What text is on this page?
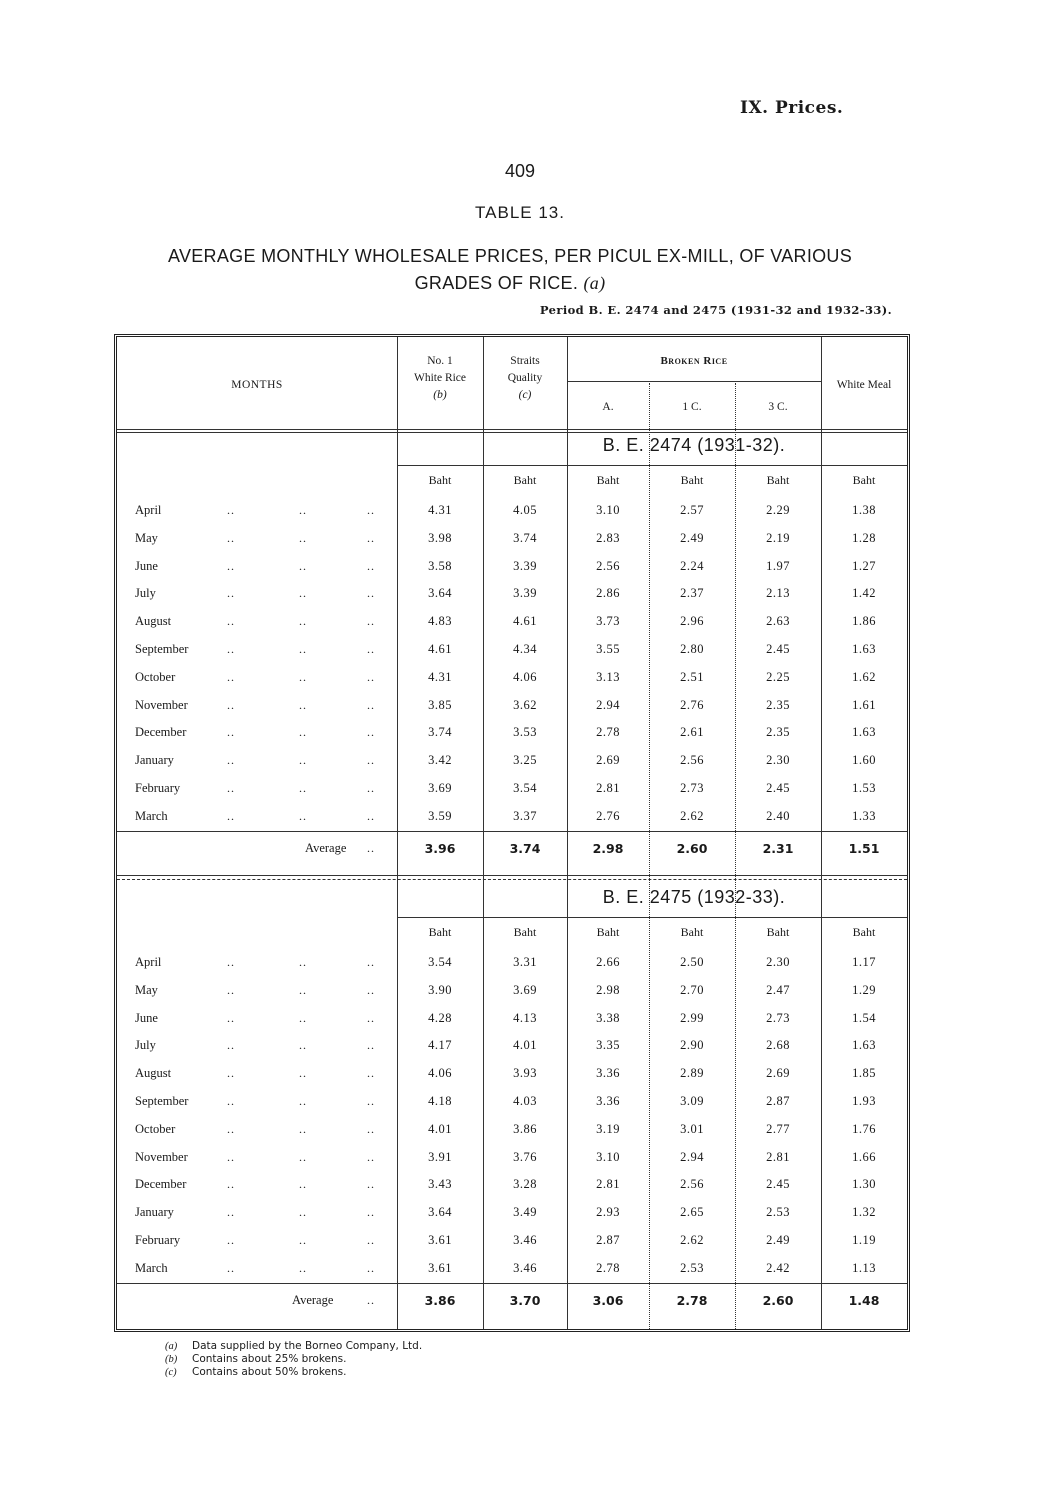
IX. Prices.
409
TABLE 13.
AVERAGE MONTHLY WHOLESALE PRICES, PER PICUL EX-MILL, OF VARIOUS
GRADES OF RICE. (a)
Period B. E. 2474 and 2475 (1931-32 and 1932-33).
MONTHS
No. 1
White Rice
(b)
Straits
Quality
(c)
Broken Rice
A.	1 C.	3 C.
White Meal
B. E. 2474 (1931-32).
Baht	Baht	Baht	Baht	Baht	Baht
April	..	..	..	4.31	4.05	3.10	2.57	2.29	1.38
May	..	..	..	3.98	3.74	2.83	2.49	2.19	1.28
June	..	..	..	3.58	3.39	2.56	2.24	1.97	1.27
July	..	..	..	3.64	3.39	2.86	2.37	2.13	1.42
August	..	..	..	4.83	4.61	3.73	2.96	2.63	1.86
September	..	..	..	4.61	4.34	3.55	2.80	2.45	1.63
October	..	..	..	4.31	4.06	3.13	2.51	2.25	1.62
November	..	..	..	3.85	3.62	2.94	2.76	2.35	1.61
December	..	..	..	3.74	3.53	2.78	2.61	2.35	1.63
January	..	..	..	3.42	3.25	2.69	2.56	2.30	1.60
February	..	..	..	3.69	3.54	2.81	2.73	2.45	1.53
March	..	..	..	3.59	3.37	2.76	2.62	2.40	1.33
Average ..	3.96	3.74	2.98	2.60	2.31	1.51
B. E. 2475 (1932-33).
Baht	Baht	Baht	Baht	Baht	Baht
April	..	..	..	3.54	3.31	2.66	2.50	2.30	1.17
May	..	..	..	3.90	3.69	2.98	2.70	2.47	1.29
June	..	..	..	4.28	4.13	3.38	2.99	2.73	1.54
July	..	..	..	4.17	4.01	3.35	2.90	2.68	1.63
August	..	..	..	4.06	3.93	3.36	2.89	2.69	1.85
September	..	..	..	4.18	4.03	3.36	3.09	2.87	1.93
October	..	..	..	4.01	3.86	3.19	3.01	2.77	1.76
November	..	..	..	3.91	3.76	3.10	2.94	2.81	1.66
December	..	..	..	3.43	3.28	2.81	2.56	2.45	1.30
January	..	..	..	3.64	3.49	2.93	2.65	2.53	1.32
February	..	..	..	3.61	3.46	2.87	2.62	2.49	1.19
March	..	..	..	3.61	3.46	2.78	2.53	2.42	1.13
Average	..	3.86	3.70	3.06	2.78	2.60	1.48
(a)	Data supplied by the Borneo Company, Ltd.
(b)	Contains about 25% brokens.
(c)	Contains about 50% brokens.
